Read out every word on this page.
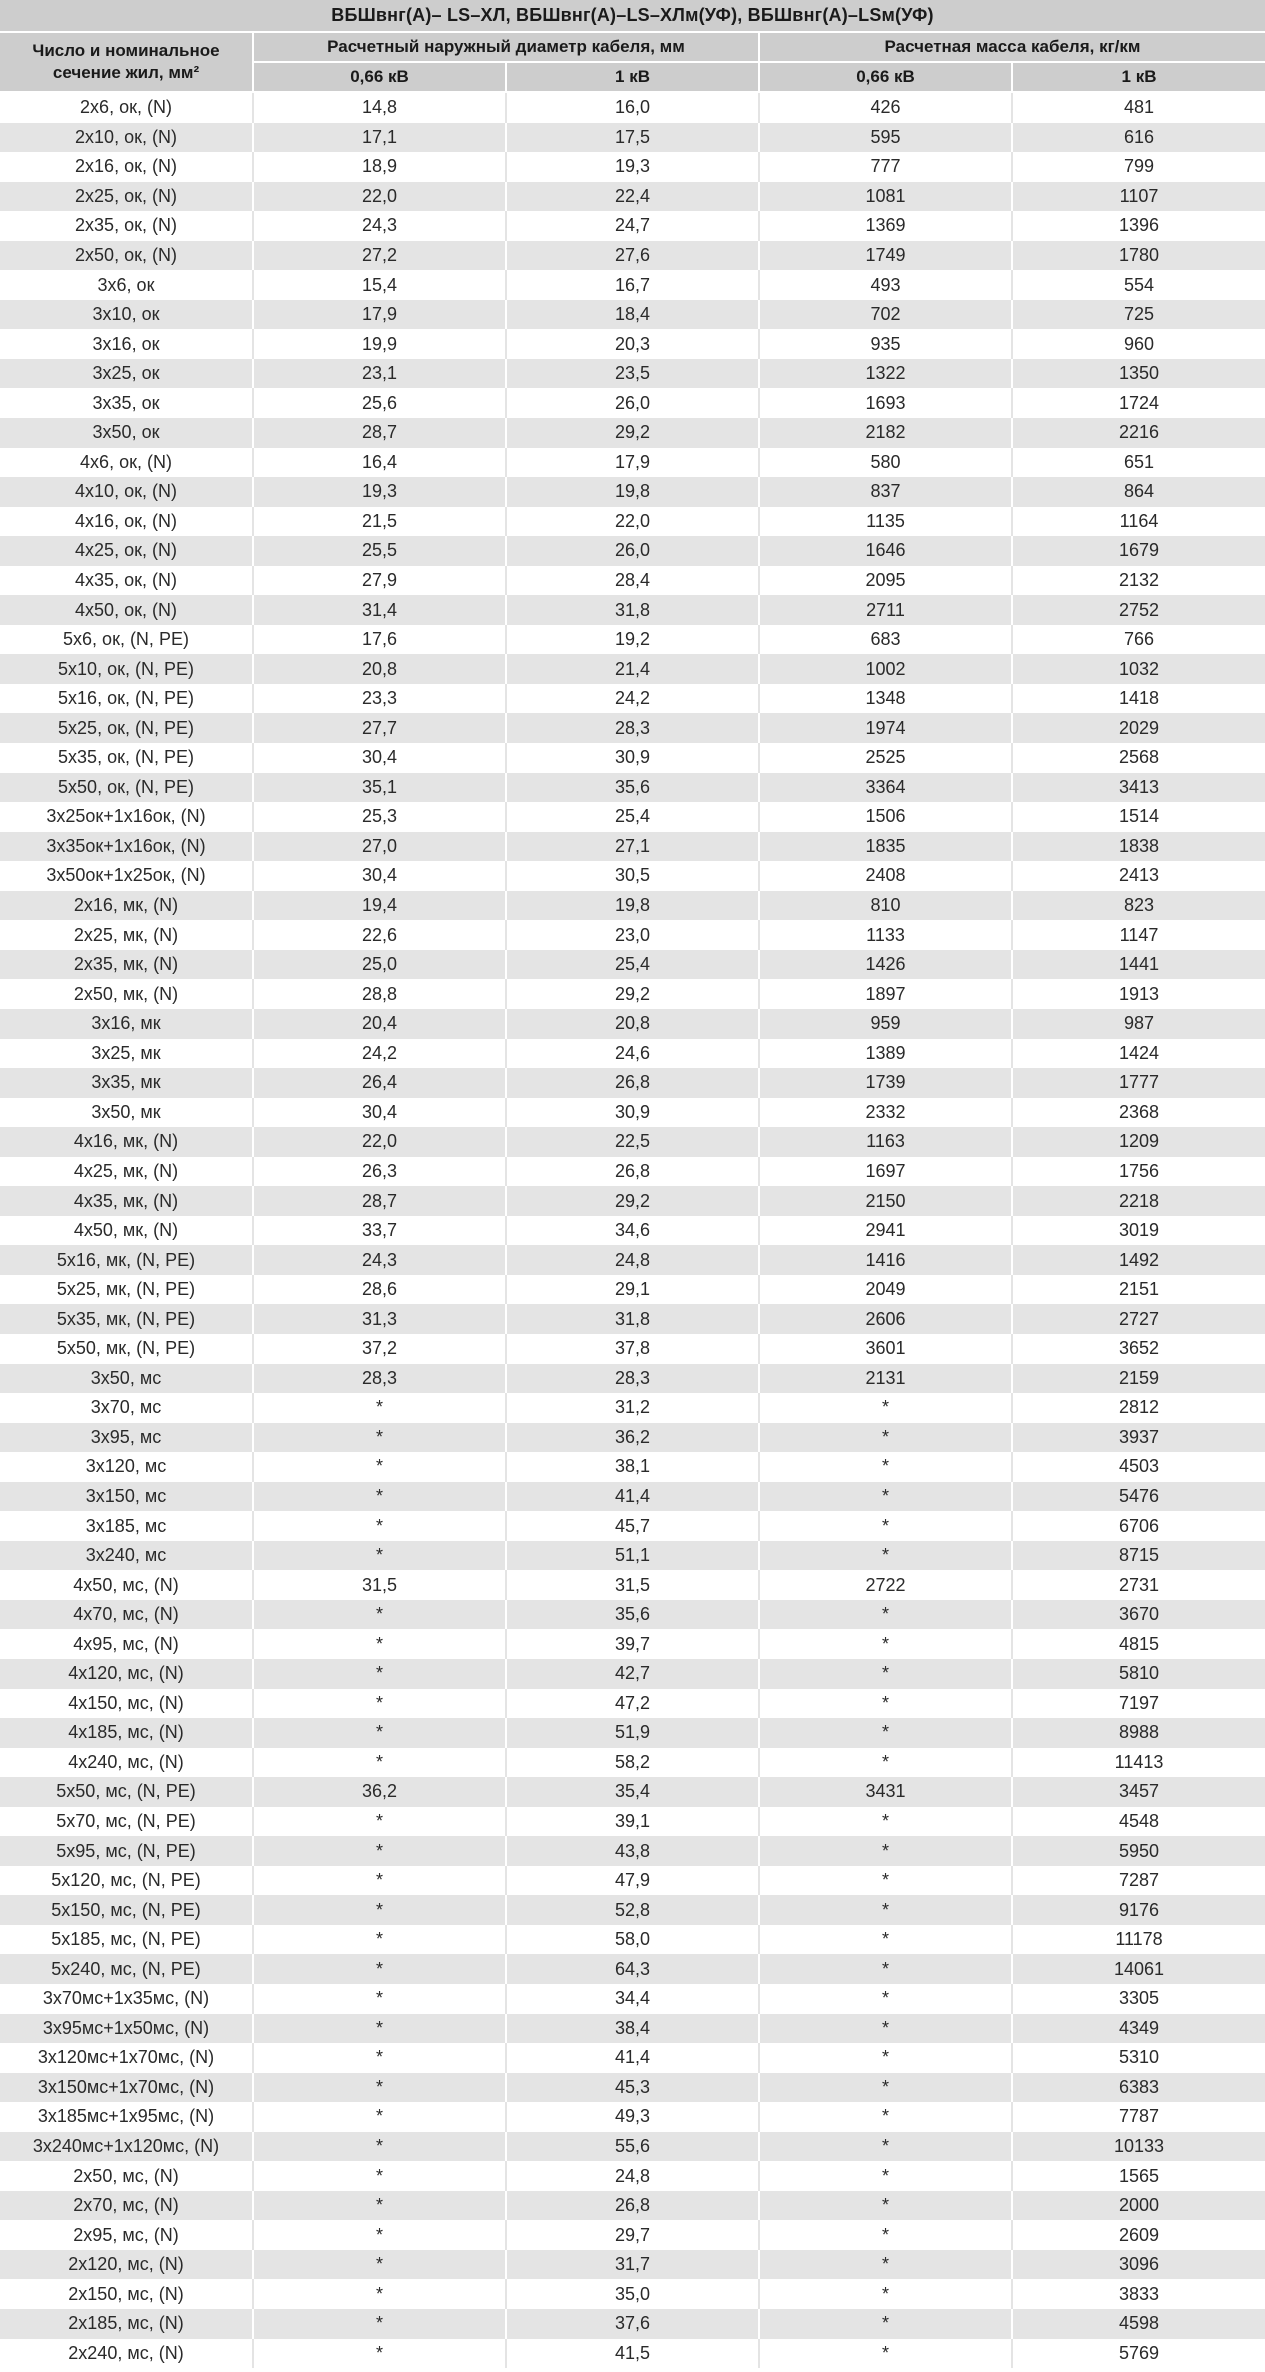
ВБШвнг(А)– LS–ХЛ, ВБШвнг(А)–LS–ХЛм(УФ), ВБШвнг(А)–LSм(УФ)				
Число и номинальное сечение жил, мм²	Расчетный наружный диаметр кабеля, мм		Расчетная масса кабеля, кг/км	
	0,66 кВ	1 кВ	0,66 кВ	1 кВ
2х6, ок, (N)	14,8	16,0	426	481
2х10, ок, (N)	17,1	17,5	595	616
2х16, ок, (N)	18,9	19,3	777	799
2х25, ок, (N)	22,0	22,4	1081	1107
2х35, ок, (N)	24,3	24,7	1369	1396
2х50, ок, (N)	27,2	27,6	1749	1780
3х6, ок	15,4	16,7	493	554
3х10, ок	17,9	18,4	702	725
3х16, ок	19,9	20,3	935	960
3х25, ок	23,1	23,5	1322	1350
3х35, ок	25,6	26,0	1693	1724
3х50, ок	28,7	29,2	2182	2216
4х6, ок, (N)	16,4	17,9	580	651
4х10, ок, (N)	19,3	19,8	837	864
4х16, ок, (N)	21,5	22,0	1135	1164
4х25, ок, (N)	25,5	26,0	1646	1679
4х35, ок, (N)	27,9	28,4	2095	2132
4х50, ок, (N)	31,4	31,8	2711	2752
5х6, ок, (N, PE)	17,6	19,2	683	766
5х10, ок, (N, PE)	20,8	21,4	1002	1032
5х16, ок, (N, PE)	23,3	24,2	1348	1418
5х25, ок, (N, PE)	27,7	28,3	1974	2029
5х35, ок, (N, PE)	30,4	30,9	2525	2568
5х50, ок, (N, PE)	35,1	35,6	3364	3413
3х25ок+1х16ок, (N)	25,3	25,4	1506	1514
3х35ок+1х16ок, (N)	27,0	27,1	1835	1838
3х50ок+1х25ок, (N)	30,4	30,5	2408	2413
2х16, мк, (N)	19,4	19,8	810	823
2х25, мк, (N)	22,6	23,0	1133	1147
2х35, мк, (N)	25,0	25,4	1426	1441
2х50, мк, (N)	28,8	29,2	1897	1913
3х16, мк	20,4	20,8	959	987
3х25, мк	24,2	24,6	1389	1424
3х35, мк	26,4	26,8	1739	1777
3х50, мк	30,4	30,9	2332	2368
4х16, мк, (N)	22,0	22,5	1163	1209
4х25, мк, (N)	26,3	26,8	1697	1756
4х35, мк, (N)	28,7	29,2	2150	2218
4х50, мк, (N)	33,7	34,6	2941	3019
5х16, мк, (N, PE)	24,3	24,8	1416	1492
5х25, мк, (N, PE)	28,6	29,1	2049	2151
5х35, мк, (N, PE)	31,3	31,8	2606	2727
5х50, мк, (N, PE)	37,2	37,8	3601	3652
3х50, мс	28,3	28,3	2131	2159
3х70, мс	*	31,2	*	2812
3х95, мс	*	36,2	*	3937
3х120, мс	*	38,1	*	4503
3х150, мс	*	41,4	*	5476
3х185, мс	*	45,7	*	6706
3х240, мс	*	51,1	*	8715
4х50, мс, (N)	31,5	31,5	2722	2731
4х70, мс, (N)	*	35,6	*	3670
4х95, мс, (N)	*	39,7	*	4815
4х120, мс, (N)	*	42,7	*	5810
4х150, мс, (N)	*	47,2	*	7197
4х185, мс, (N)	*	51,9	*	8988
4х240, мс, (N)	*	58,2	*	11413
5х50, мс, (N, PE)	36,2	35,4	3431	3457
5х70, мс, (N, PE)	*	39,1	*	4548
5х95, мс, (N, PE)	*	43,8	*	5950
5х120, мс, (N, PE)	*	47,9	*	7287
5х150, мс, (N, PE)	*	52,8	*	9176
5х185, мс, (N, PE)	*	58,0	*	11178
5х240, мс, (N, PE)	*	64,3	*	14061
3х70мс+1х35мс, (N)	*	34,4	*	3305
3х95мс+1х50мс, (N)	*	38,4	*	4349
3х120мс+1х70мс, (N)	*	41,4	*	5310
3х150мс+1х70мс, (N)	*	45,3	*	6383
3х185мс+1х95мс, (N)	*	49,3	*	7787
3х240мс+1х120мс, (N)	*	55,6	*	10133
2х50, мс, (N)	*	24,8	*	1565
2х70, мс, (N)	*	26,8	*	2000
2х95, мс, (N)	*	29,7	*	2609
2х120, мс, (N)	*	31,7	*	3096
2х150, мс, (N)	*	35,0	*	3833
2х185, мс, (N)	*	37,6	*	4598
2х240, мс, (N)	*	41,5	*	5769
